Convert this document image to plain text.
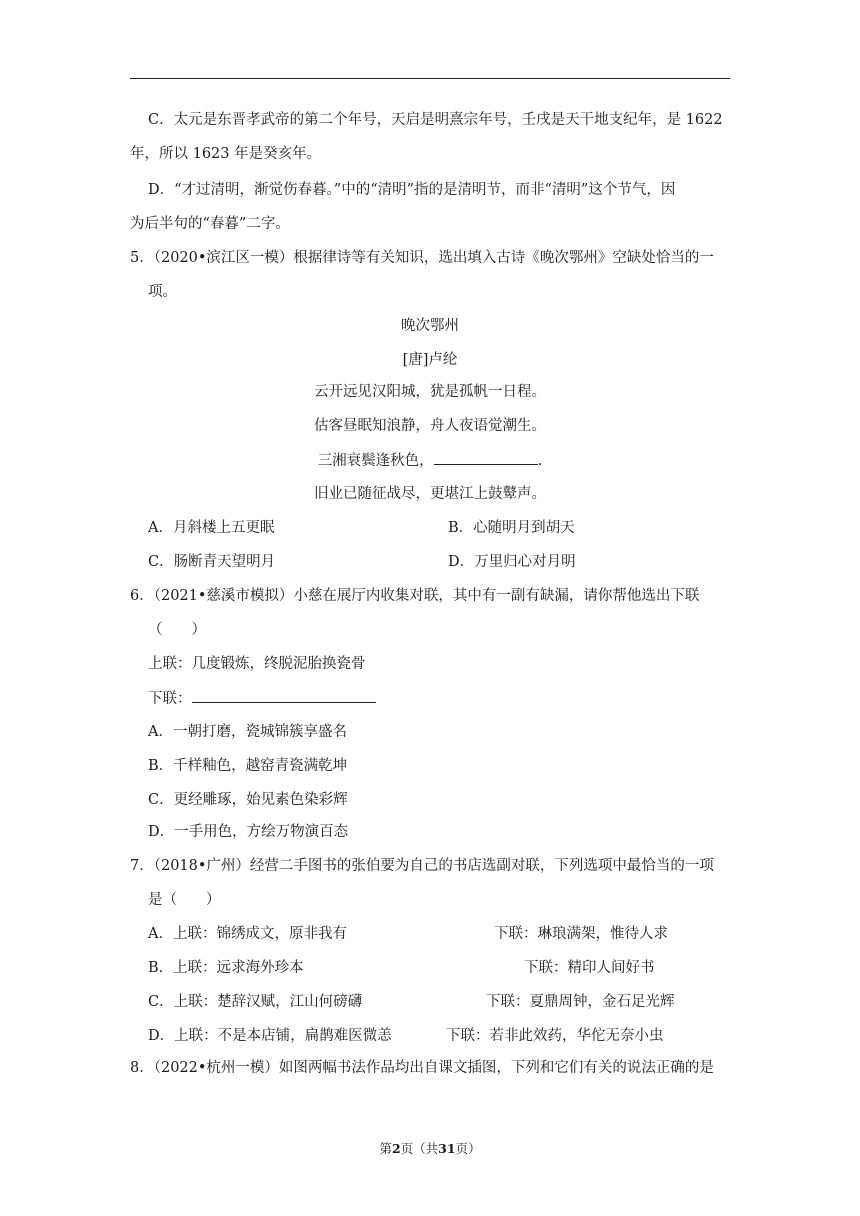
C．太元是东晋孝武帝的第二个年号，天启是明熹宗年号，壬戌是天干地支纪年，是 1622
年，所以 1623 年是癸亥年。
D．“才过清明，渐觉伤春暮。”中的“清明”指的是清明节，而非“清明”这个节气，因
为后半句的“春暮”二字。
5．（2020•滨江区一模）根据律诗等有关知识，选出填入古诗《晚次鄂州》空缺处恰当的一
项。
晚次鄂州
[唐]卢纶
云开远见汉阳城，犹是孤帆一日程。
估客昼眠知浪静，舟人夜语觉潮生。
三湘衰鬓逢秋色，	.
旧业已随征战尽，更堪江上鼓鼙声。
A．月斜楼上五更眠	B．心随明月到胡天
C．肠断青天望明月	D．万里归心对月明
6．（2021•慈溪市模拟）小慈在展厅内收集对联，其中有一副有缺漏，请你帮他选出下联
（　　）
上联：几度锻炼，终脱泥胎换瓷骨
下联：
A．一朝打磨，瓷城锦簇享盛名
B．千样釉色，越窑青瓷满乾坤
C．更经雕琢，始见素色染彩辉
D．一手用色，方绘万物演百态
7．（2018•广州）经营二手图书的张伯要为自己的书店选副对联，下列选项中最恰当的一项
是（　　）
A．上联：锦绣成文，原非我有	下联：琳琅满架，惟待人求
B．上联：远求海外珍本	下联：精印人间好书
C．上联：楚辞汉赋，江山何磅礴	下联：夏鼎周钟，金石足光辉
D．上联：不是本店铺，扁鹊难医微恙	下联：若非此效药，华佗无奈小虫
8．（2022•杭州一模）如图两幅书法作品均出自课文插图，下列和它们有关的说法正确的是
第2页（共31页）
